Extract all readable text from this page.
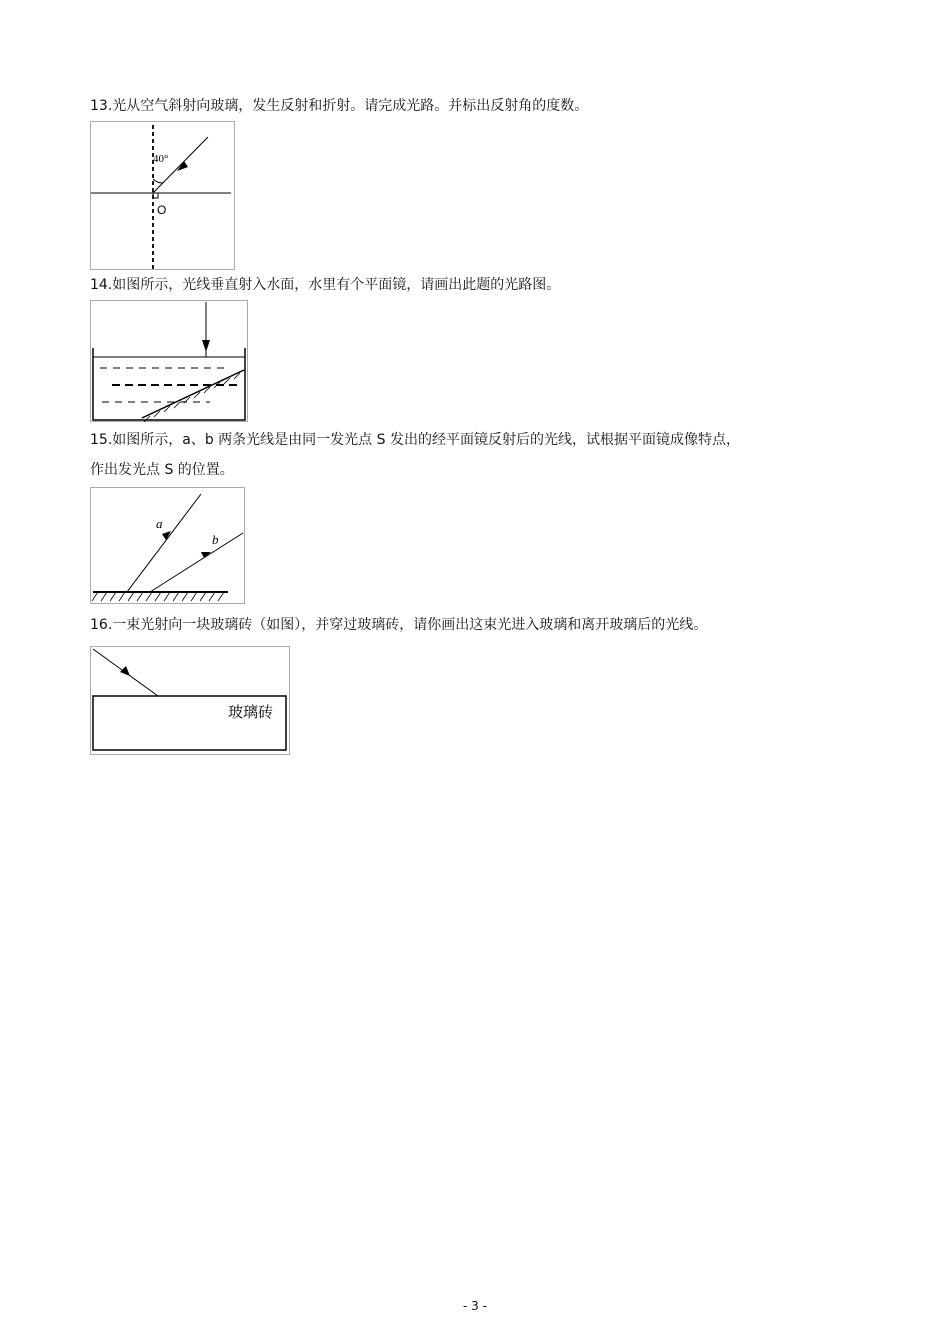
13.光从空气斜射向玻璃，发生反射和折射。请完成光路。并标出反射角的度数。

40°
O

14.如图所示，光线垂直射入水面，水里有个平面镜，请画出此题的光路图。

15.如图所示，a、b 两条光线是由同一发光点 S 发出的经平面镜反射后的光线，试根据平面镜成像特点，

作出发光点 S 的位置。

a
b

16.一束光射向一块玻璃砖（如图），并穿过玻璃砖，请你画出这束光进入玻璃和离开玻璃后的光线。

玻璃砖
- 3 -
